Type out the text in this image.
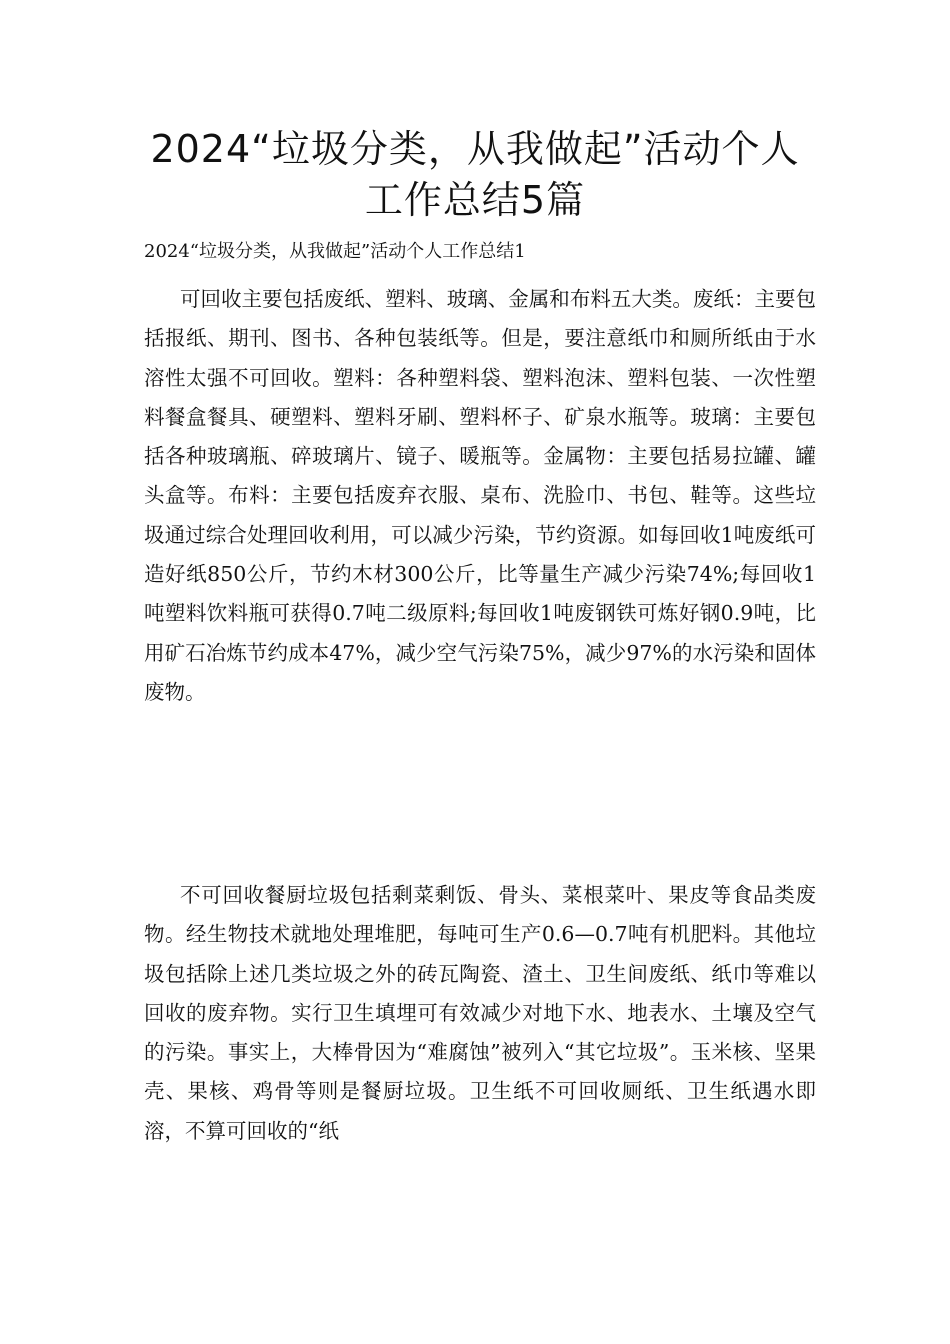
2024“垃圾分类，从我做起”活动个人
工作总结5篇

2024“垃圾分类，从我做起”活动个人工作总结1

可回收主要包括废纸、塑料、玻璃、金属和布料五大类。废纸：主要包括报纸、期刊、图书、各种包装纸等。但是，要注意纸巾和厕所纸由于水溶性太强不可回收。塑料：各种塑料袋、塑料泡沫、塑料包装、一次性塑料餐盒餐具、硬塑料、塑料牙刷、塑料杯子、矿泉水瓶等。玻璃：主要包括各种玻璃瓶、碎玻璃片、镜子、暖瓶等。金属物：主要包括易拉罐、罐头盒等。布料：主要包括废弃衣服、桌布、洗脸巾、书包、鞋等。这些垃圾通过综合处理回收利用，可以减少污染，节约资源。如每回收1吨废纸可造好纸850公斤，节约木材300公斤，比等量生产减少污染74%;每回收1吨塑料饮料瓶可获得0.7吨二级原料;每回收1吨废钢铁可炼好钢0.9吨，比用矿石冶炼节约成本47%，减少空气污染75%，减少97%的水污染和固体废物。

不可回收餐厨垃圾包括剩菜剩饭、骨头、菜根菜叶、果皮等食品类废物。经生物技术就地处理堆肥，每吨可生产0.6—0.7吨有机肥料。其他垃圾包括除上述几类垃圾之外的砖瓦陶瓷、渣土、卫生间废纸、纸巾等难以回收的废弃物。实行卫生填埋可有效减少对地下水、地表水、土壤及空气的污染。事实上，大棒骨因为“难腐蚀”被列入“其它垃圾”。玉米核、坚果壳、果核、鸡骨等则是餐厨垃圾。卫生纸不可回收厕纸、卫生纸遇水即溶，不算可回收的“纸
